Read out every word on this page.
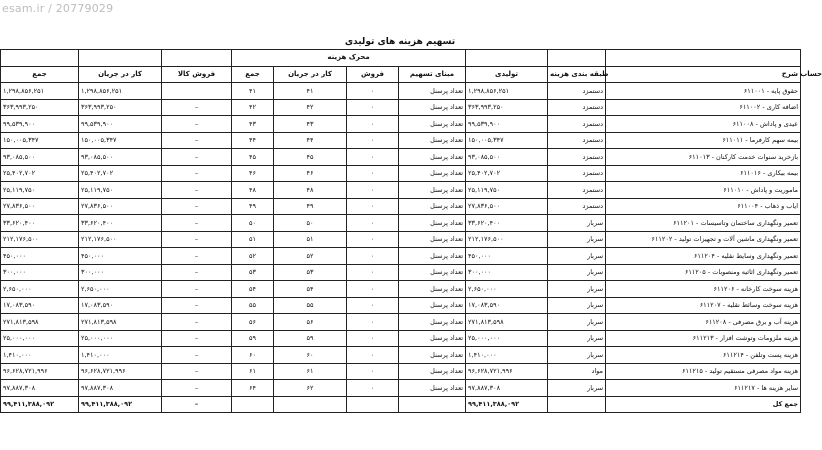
esam.ir / 20779029
تسهیم هزینه های تولیدی
			محرک هزینه						
جمع	کار در جریان	فروش کالا	جمع	کار در جریان	فروش	مبنای تسهیم	تولیدی	طبقه بندی هزینه	شرح حساب

۱,۲۹۸,۸۵۶,۲۵۱	۱,۲۹۸,۸۵۶,۲۵۱		۴۱	۴۱	۰	تعداد پرسنل	۱,۲۹۸,۸۵۶,۲۵۱	دستمزد	حقوق پایه - ۶۱۱۰۰۱
۳۶۳,۹۹۳,۲۵۰	۳۶۳,۹۹۳,۲۵۰	–	۴۲	۴۲	۰	تعداد پرسنل	۳۶۳,۹۹۳,۲۵۰	دستمزد	اضافه کاری - ۶۱۱۰۰۲
۹۹,۵۳۹,۹۰۰	۹۹,۵۳۹,۹۰۰	–	۴۳	۴۳	۰	تعداد پرسنل	۹۹,۵۳۹,۹۰۰	دستمزد	عیدی و پاداش - ۶۱۱۰۰۸
۱۵۰,۰۰۵,۳۴۷	۱۵۰,۰۰۵,۳۴۷	–	۴۴	۴۴	۰	تعداد پرسنل	۱۵۰,۰۰۵,۳۴۷	دستمزد	بیمه سهم کارفرما - ۶۱۱۰۱۱
۹۳,۰۸۵,۵۰۰	۹۳,۰۸۵,۵۰۰	–	۴۵	۴۵	۰	تعداد پرسنل	۹۳,۰۸۵,۵۰۰	دستمزد	بازخرید سنوات خدمت کارکنان - ۶۱۱۰۱۳
۲۵,۴۰۲,۷۰۲	۲۵,۴۰۲,۷۰۲	–	۴۶	۴۶	۰	تعداد پرسنل	۲۵,۴۰۲,۷۰۲	دستمزد	بیمه بیکاری - ۶۱۱۰۱۶
۲۵,۱۱۹,۷۵۰	۲۵,۱۱۹,۷۵۰	–	۴۸	۴۸	۰	تعداد پرسنل	۲۵,۱۱۹,۷۵۰	دستمزد	ماموریت و پاداش - ۶۱۱۰۱۰
۲۷,۸۳۶,۵۰۰	۲۷,۸۳۶,۵۰۰	–	۴۹	۴۹	۰	تعداد پرسنل	۲۷,۸۳۶,۵۰۰	دستمزد	ایاب و ذهاب - ۶۱۱۰۰۴
۳۳,۶۲۰,۴۰۰	۳۳,۶۲۰,۴۰۰	–	۵۰	۵۰	۰	تعداد پرسنل	۳۳,۶۲۰,۴۰۰	سربار	تعمیر ونگهداری ساختمان وتاسیسات - ۶۱۱۲۰۱
۲۱۲,۱۷۶,۵۰۰	۲۱۲,۱۷۶,۵۰۰	–	۵۱	۵۱	۰	تعداد پرسنل	۲۱۲,۱۷۶,۵۰۰	سربار	تعمیر ونگهداری ماشین آلات و تجهیزات تولید - ۶۱۱۲۰۲
۴۵۰,۰۰۰	۴۵۰,۰۰۰	–	۵۲	۵۲	۰	تعداد پرسنل	۴۵۰,۰۰۰	سربار	تعمیر ونگهداری وسایط نقلیه - ۶۱۱۲۰۴
۳۰۰,۰۰۰	۳۰۰,۰۰۰	–	۵۳	۵۳	۰	تعداد پرسنل	۳۰۰,۰۰۰	سربار	تعمیر ونگهداری اثاثیه ومنصوبات - ۶۱۱۲۰۵
۲,۶۵۰,۰۰۰	۲,۶۵۰,۰۰۰	–	۵۴	۵۴	۰	تعداد پرسنل	۲,۶۵۰,۰۰۰	سربار	هزینه سوخت کارخانه - ۶۱۱۲۰۶
۱۷,۰۸۳,۵۹۰	۱۷,۰۸۳,۵۹۰	–	۵۵	۵۵	۰	تعداد پرسنل	۱۷,۰۸۳,۵۹۰	سربار	هزینه سوخت وسائط نقلیه - ۶۱۱۲۰۷
۲۷۱,۸۱۳,۵۹۸	۲۷۱,۸۱۳,۵۹۸	–	۵۶	۵۶	۰	تعداد پرسنل	۲۷۱,۸۱۳,۵۹۸	سربار	هزینه آب و برق مصرفی - ۶۱۱۲۰۸
۲۵,۰۰۰,۰۰۰	۲۵,۰۰۰,۰۰۰	–	۵۹	۵۹	۰	تعداد پرسنل	۲۵,۰۰۰,۰۰۰	سربار	هزینه ملزومات وتوشت افزار - ۶۱۱۲۱۳
۱,۴۱۰,۰۰۰	۱,۴۱۰,۰۰۰	–	۶۰	۶۰	۰	تعداد پرسنل	۱,۴۱۰,۰۰۰	سربار	هزینه پست وتلفن - ۶۱۱۲۱۴
۹۶,۶۲۸,۷۲۱,۹۹۶	۹۶,۶۲۸,۷۲۱,۹۹۶	–	۶۱	۶۱	۰	تعداد پرسنل	۹۶,۶۲۸,۷۲۱,۹۹۶	مواد	هزینه مواد مصرفی مستقیم تولید - ۶۱۱۲۱۵
۹۷,۸۸۷,۳۰۸	۹۷,۸۸۷,۳۰۸	–	۶۴	۶۲	۰	تعداد پرسنل	۹۷,۸۸۷,۳۰۸	سربار	سایر هزینه ها - ۶۱۱۲۱۷
۹۹,۴۱۱,۳۸۸,۰۹۲	۹۹,۴۱۱,۳۸۸,۰۹۲	–					۹۹,۴۱۱,۳۸۸,۰۹۲		جمع کل
